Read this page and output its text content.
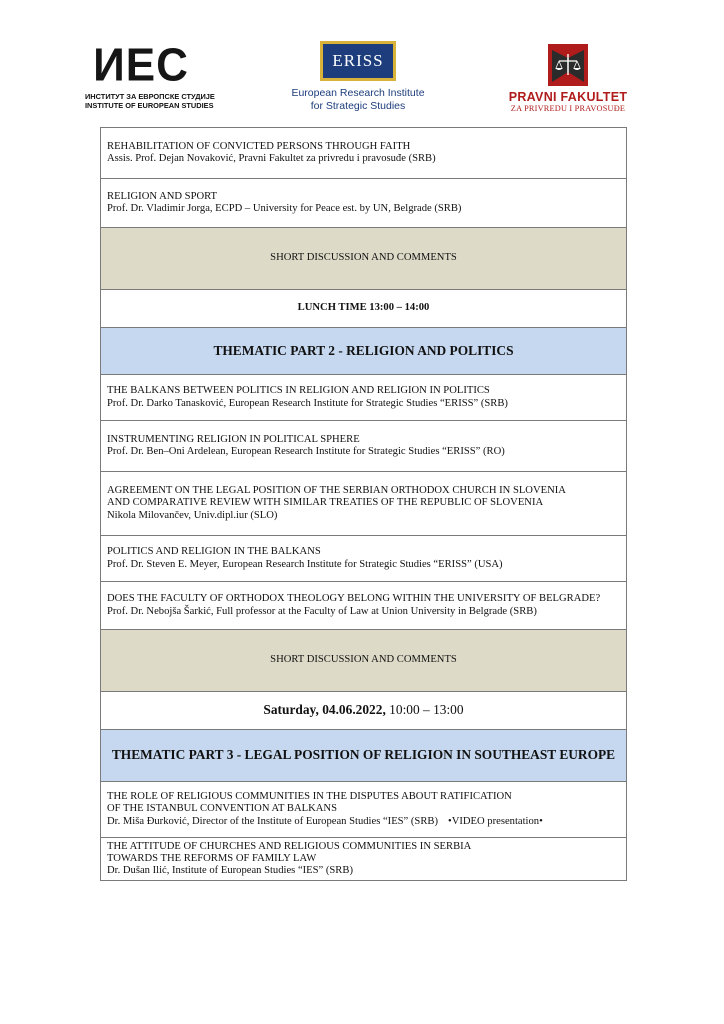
ИЕС
ИНСТИТУТ ЗА ЕВРОПСКЕ СТУДИЈЕ
INSTITUTE OF EUROPEAN STUDIES
ERISS
European Research Institute
for Strategic Studies
PRAVNI FAKULTET
ZA PRIVREDU I PRAVOSUĐE
REHABILITATION OF CONVICTED PERSONS THROUGH FAITH
Assis. Prof. Dejan Novaković, Pravni Fakultet za privredu i pravosuđe (SRB)
RELIGION AND SPORT
Prof. Dr. Vladimir Jorga, ECPD – University for Peace est. by UN, Belgrade (SRB)
SHORT DISCUSSION AND COMMENTS
LUNCH TIME 13:00 – 14:00
THEMATIC PART 2 - RELIGION AND POLITICS
THE BALKANS BETWEEN POLITICS IN RELIGION AND RELIGION IN POLITICS
Prof. Dr. Darko Tanasković, European Research Institute for Strategic Studies “ERISS” (SRB)
INSTRUMENTING RELIGION IN POLITICAL SPHERE
Prof. Dr. Ben–Oni Ardelean, European Research Institute for Strategic Studies “ERISS” (RO)
AGREEMENT ON THE LEGAL POSITION OF THE SERBIAN ORTHODOX CHURCH IN SLOVENIA
AND COMPARATIVE REVIEW WITH SIMILAR TREATIES OF THE REPUBLIC OF SLOVENIA
Nikola Milovančev, Univ.dipl.iur (SLO)
POLITICS AND RELIGION IN THE BALKANS
Prof. Dr. Steven E. Meyer, European Research Institute for Strategic Studies “ERISS” (USA)
DOES THE FACULTY OF ORTHODOX THEOLOGY BELONG WITHIN THE UNIVERSITY OF BELGRADE?
Prof. Dr. Nebojša Šarkić, Full professor at the Faculty of Law at Union University in Belgrade (SRB)
SHORT DISCUSSION AND COMMENTS
Saturday, 04.06.2022,
10:00 – 13:00
THEMATIC PART 3 - LEGAL POSITION OF RELIGION IN SOUTHEAST EUROPE
THE ROLE OF RELIGIOUS COMMUNITIES IN THE DISPUTES ABOUT RATIFICATION
OF THE ISTANBUL CONVENTION AT BALKANS
Dr. Miša Đurković, Director of the Institute of European Studies “IES” (SRB) •VIDEO presentation•
THE ATTITUDE OF CHURCHES AND RELIGIOUS COMMUNITIES IN SERBIA
TOWARDS THE REFORMS OF FAMILY LAW
Dr. Dušan Ilić, Institute of European Studies “IES” (SRB)
